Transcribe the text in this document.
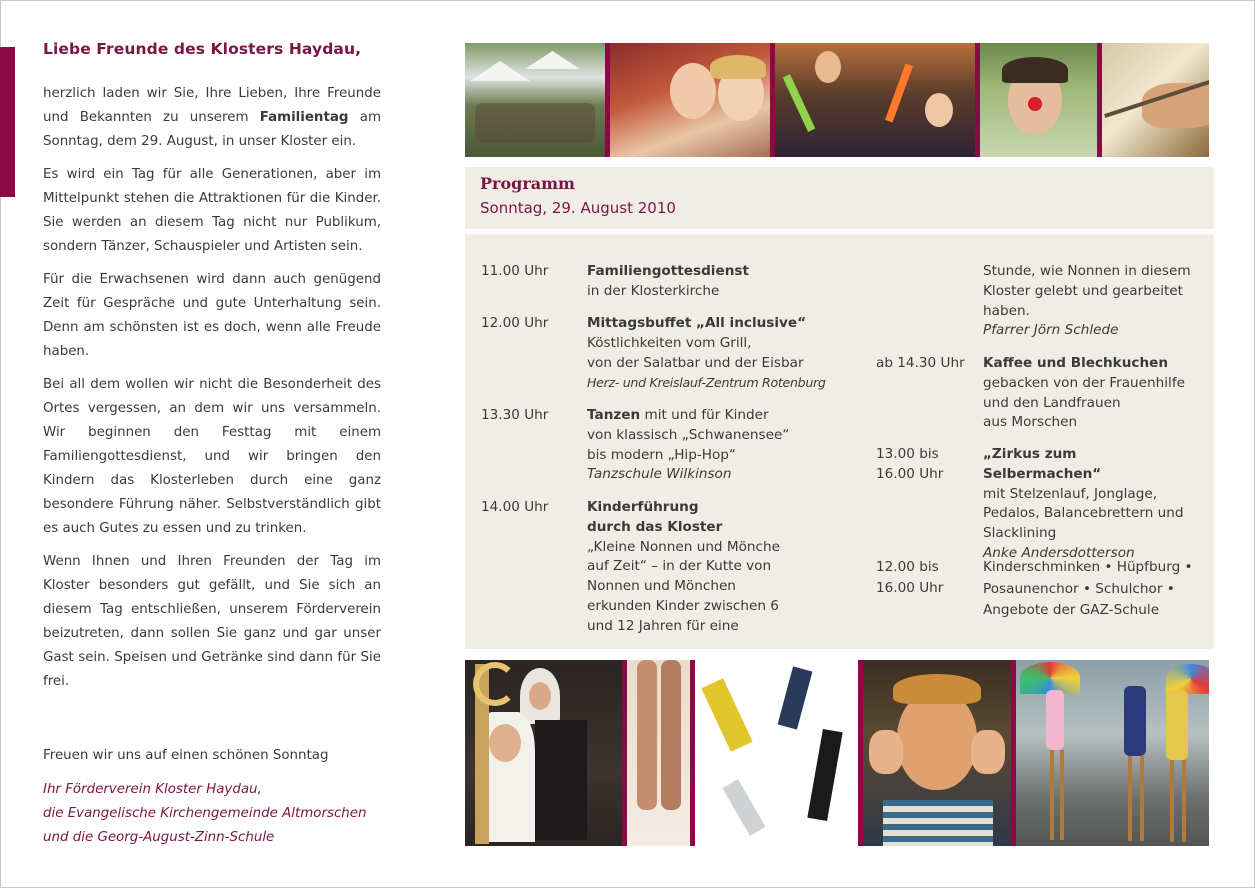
Liebe Freunde des Klosters Haydau,

herzlich laden wir Sie, Ihre Lieben, Ihre Freunde und Bekannten zu unserem Familientag am Sonntag, dem 29. August, in unser Kloster ein.

Es wird ein Tag für alle Generationen, aber im Mittelpunkt stehen die Attraktionen für die Kinder. Sie werden an diesem Tag nicht nur Publikum, sondern Tänzer, Schauspieler und Artisten sein.

Für die Erwachsenen wird dann auch genügend Zeit für Gespräche und gute Unterhaltung sein. Denn am schönsten ist es doch, wenn alle Freude haben.

Bei all dem wollen wir nicht die Besonderheit des Ortes vergessen, an dem wir uns versammeln. Wir beginnen den Festtag mit einem Familiengottesdienst, und wir bringen den Kindern das Klosterleben durch eine ganz besondere Führung näher. Selbstverständlich gibt es auch Gutes zu essen und zu trinken.

Wenn Ihnen und Ihren Freunden der Tag im Kloster besonders gut gefällt, und Sie sich an diesem Tag entschließen, unserem Förderverein beizutreten, dann sollen Sie ganz und gar unser Gast sein. Speisen und Getränke sind dann für Sie frei.

Freuen wir uns auf einen schönen Sonntag
Ihr Förderverein Kloster Haydau,
die Evangelische Kirchengemeinde Altmorschen
und die Georg-August-Zinn-Schule
Programm
Sonntag, 29. August 2010
11.00 Uhr	Familiengottesdienst
in der Klosterkirche
12.00 Uhr	Mittagsbuffet „All inclusive“
Köstlichkeiten vom Grill,
von der Salatbar und der Eisbar
Herz- und Kreislauf-Zentrum Rotenburg
13.30 Uhr	Tanzen mit und für Kinder
von klassisch „Schwanensee“
bis modern „Hip-Hop“
Tanzschule Wilkinson
14.00 Uhr	Kinderführung
durch das Kloster
„Kleine Nonnen und Mönche
auf Zeit“ – in der Kutte von
Nonnen und Mönchen
erkunden Kinder zwischen 6
und 12 Jahren für eine
Stunde, wie Nonnen in diesem
Kloster gelebt und gearbeitet
haben.
Pfarrer Jörn Schlede
ab 14.30 Uhr Kaffee und Blechkuchen
gebacken von der Frauenhilfe
und den Landfrauen
aus Morschen
13.00 bis
16.00 Uhr
„Zirkus zum Selbermachen“
mit Stelzenlauf, Jonglage,
Pedalos, Balancebrettern und
Slacklining
Anke Andersdotterson
12.00 bis
16.00 Uhr
Kinderschminken • Hüpfburg •
Posaunenchor • Schulchor •
Angebote der GAZ-Schule
